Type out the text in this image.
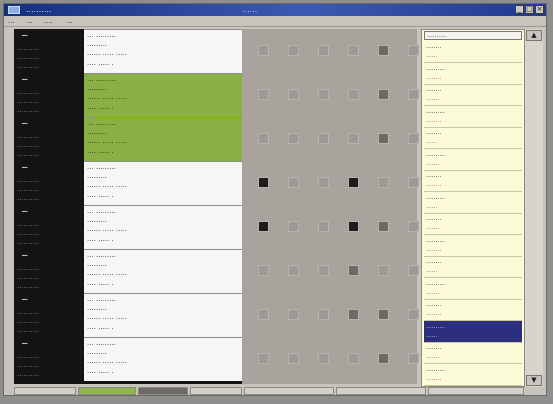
..........	......	_ □ ×
... ... .... ...
—
..........
..........
..........
... .........
.........
...... ..... .....
.... ..... .
—
..........
..........
..........
... .........
.........
...... ..... .....
.... ..... .
—
..........
..........
..........
... .........
.........
...... ..... .....
.... ..... .
—
..........
..........
..........
... .........
.........
...... ..... .....
.... ..... .
—
..........
..........
..........
... .........
.........
...... ..... .....
.... ..... .
—
..........
..........
..........
... .........
.........
...... ..... .....
.... ..... .
—
..........
..........
..........
... .........
.........
...... ..... .....
.... ..... .
—
..........
..........
..........
... .........
.........
...... ..... .....
.... ..... .
..........
........
......
..........
........
........
.......
..........
........
........
......
..........
.......
........
........
..........
......
........
.......
..........
........
........
......
..........
.......
........
........
..........
......
........
.......
..........
........
▲
▼
